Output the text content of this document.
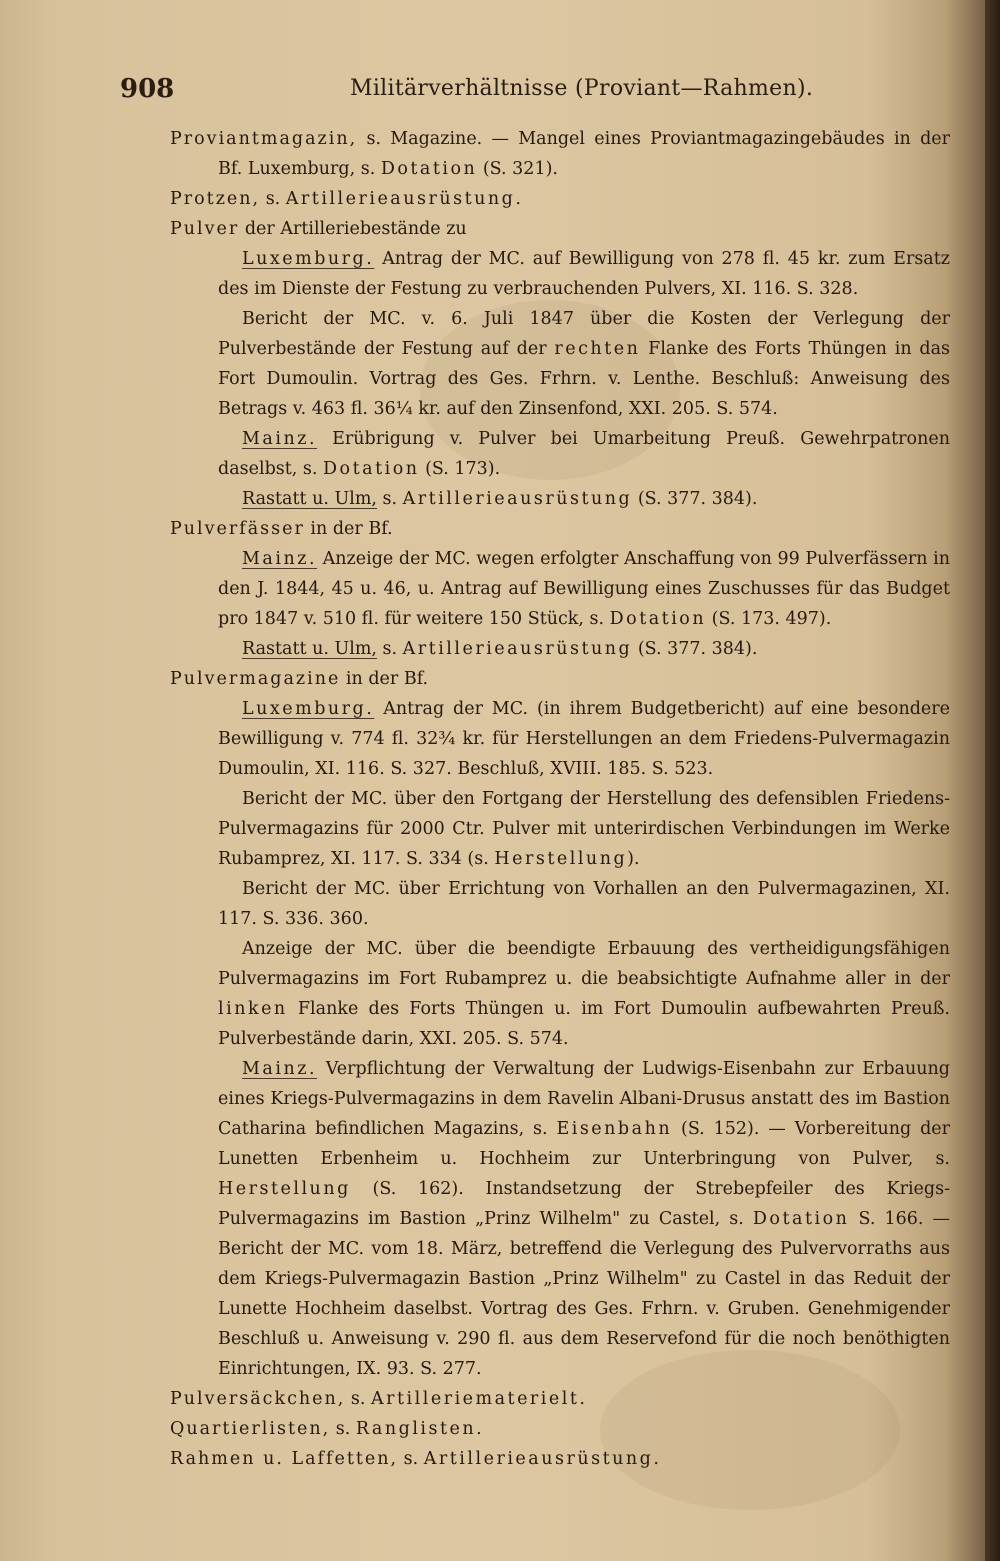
908	Militärverhältnisse (Proviant—Rahmen).

Proviantmagazin, s. Magazine. — Mangel eines Proviantmagazingebäudes in der Bf. Luxemburg, s. Dotation (S. 321).

Protzen, s. Artillerieausrüstung.

Pulver der Artilleriebestände zu

Luxemburg. Antrag der MC. auf Bewilligung von 278 fl. 45 kr. zum Ersatz des im Dienste der Festung zu verbrauchenden Pulvers, XI. 116. S. 328.

Bericht der MC. v. 6. Juli 1847 über die Kosten der Verlegung der Pulverbestände der Festung auf der rechten Flanke des Forts Thüngen in das Fort Dumoulin. Vortrag des Ges. Frhrn. v. Lenthe. Beschluß: Anweisung des Betrags v. 463 fl. 36¼ kr. auf den Zinsenfond, XXI. 205. S. 574.

Mainz. Erübrigung v. Pulver bei Umarbeitung Preuß. Gewehrpatronen daselbst, s. Dotation (S. 173).

Rastatt u. Ulm, s. Artillerieausrüstung (S. 377. 384).

Pulverfässer in der Bf.

Mainz. Anzeige der MC. wegen erfolgter Anschaffung von 99 Pulverfässern in den J. 1844, 45 u. 46, u. Antrag auf Bewilligung eines Zuschusses für das Budget pro 1847 v. 510 fl. für weitere 150 Stück, s. Dotation (S. 173. 497).

Rastatt u. Ulm, s. Artillerieausrüstung (S. 377. 384).

Pulvermagazine in der Bf.

Luxemburg. Antrag der MC. (in ihrem Budgetbericht) auf eine besondere Bewilligung v. 774 fl. 32¾ kr. für Herstellungen an dem Friedens-Pulvermagazin Dumoulin, XI. 116. S. 327. Beschluß, XVIII. 185. S. 523.

Bericht der MC. über den Fortgang der Herstellung des defensiblen Friedens-Pulvermagazins für 2000 Ctr. Pulver mit unterirdischen Verbindungen im Werke Rubamprez, XI. 117. S. 334 (s. Herstellung).

Bericht der MC. über Errichtung von Vorhallen an den Pulvermagazinen, XI. 117. S. 336. 360.

Anzeige der MC. über die beendigte Erbauung des vertheidigungsfähigen Pulvermagazins im Fort Rubamprez u. die beabsichtigte Aufnahme aller in der linken Flanke des Forts Thüngen u. im Fort Dumoulin aufbewahrten Preuß. Pulverbestände darin, XXI. 205. S. 574.

Mainz. Verpflichtung der Verwaltung der Ludwigs-Eisenbahn zur Erbauung eines Kriegs-Pulvermagazins in dem Ravelin Albani-Drusus anstatt des im Bastion Catharina befindlichen Magazins, s. Eisenbahn (S. 152). — Vorbereitung der Lunetten Erbenheim u. Hochheim zur Unterbringung von Pulver, s. Herstellung (S. 162). Instandsetzung der Strebepfeiler des Kriegs-Pulvermagazins im Bastion „Prinz Wilhelm" zu Castel, s. Dotation S. 166. — Bericht der MC. vom 18. März, betreffend die Verlegung des Pulvervorraths aus dem Kriegs-Pulvermagazin Bastion „Prinz Wilhelm" zu Castel in das Reduit der Lunette Hochheim daselbst. Vortrag des Ges. Frhrn. v. Gruben. Genehmigender Beschluß u. Anweisung v. 290 fl. aus dem Reservefond für die noch benöthigten Einrichtungen, IX. 93. S. 277.

Pulversäckchen, s. Artilleriematerielt.

Quartierlisten, s. Ranglisten.

Rahmen u. Laffetten, s. Artillerieausrüstung.
